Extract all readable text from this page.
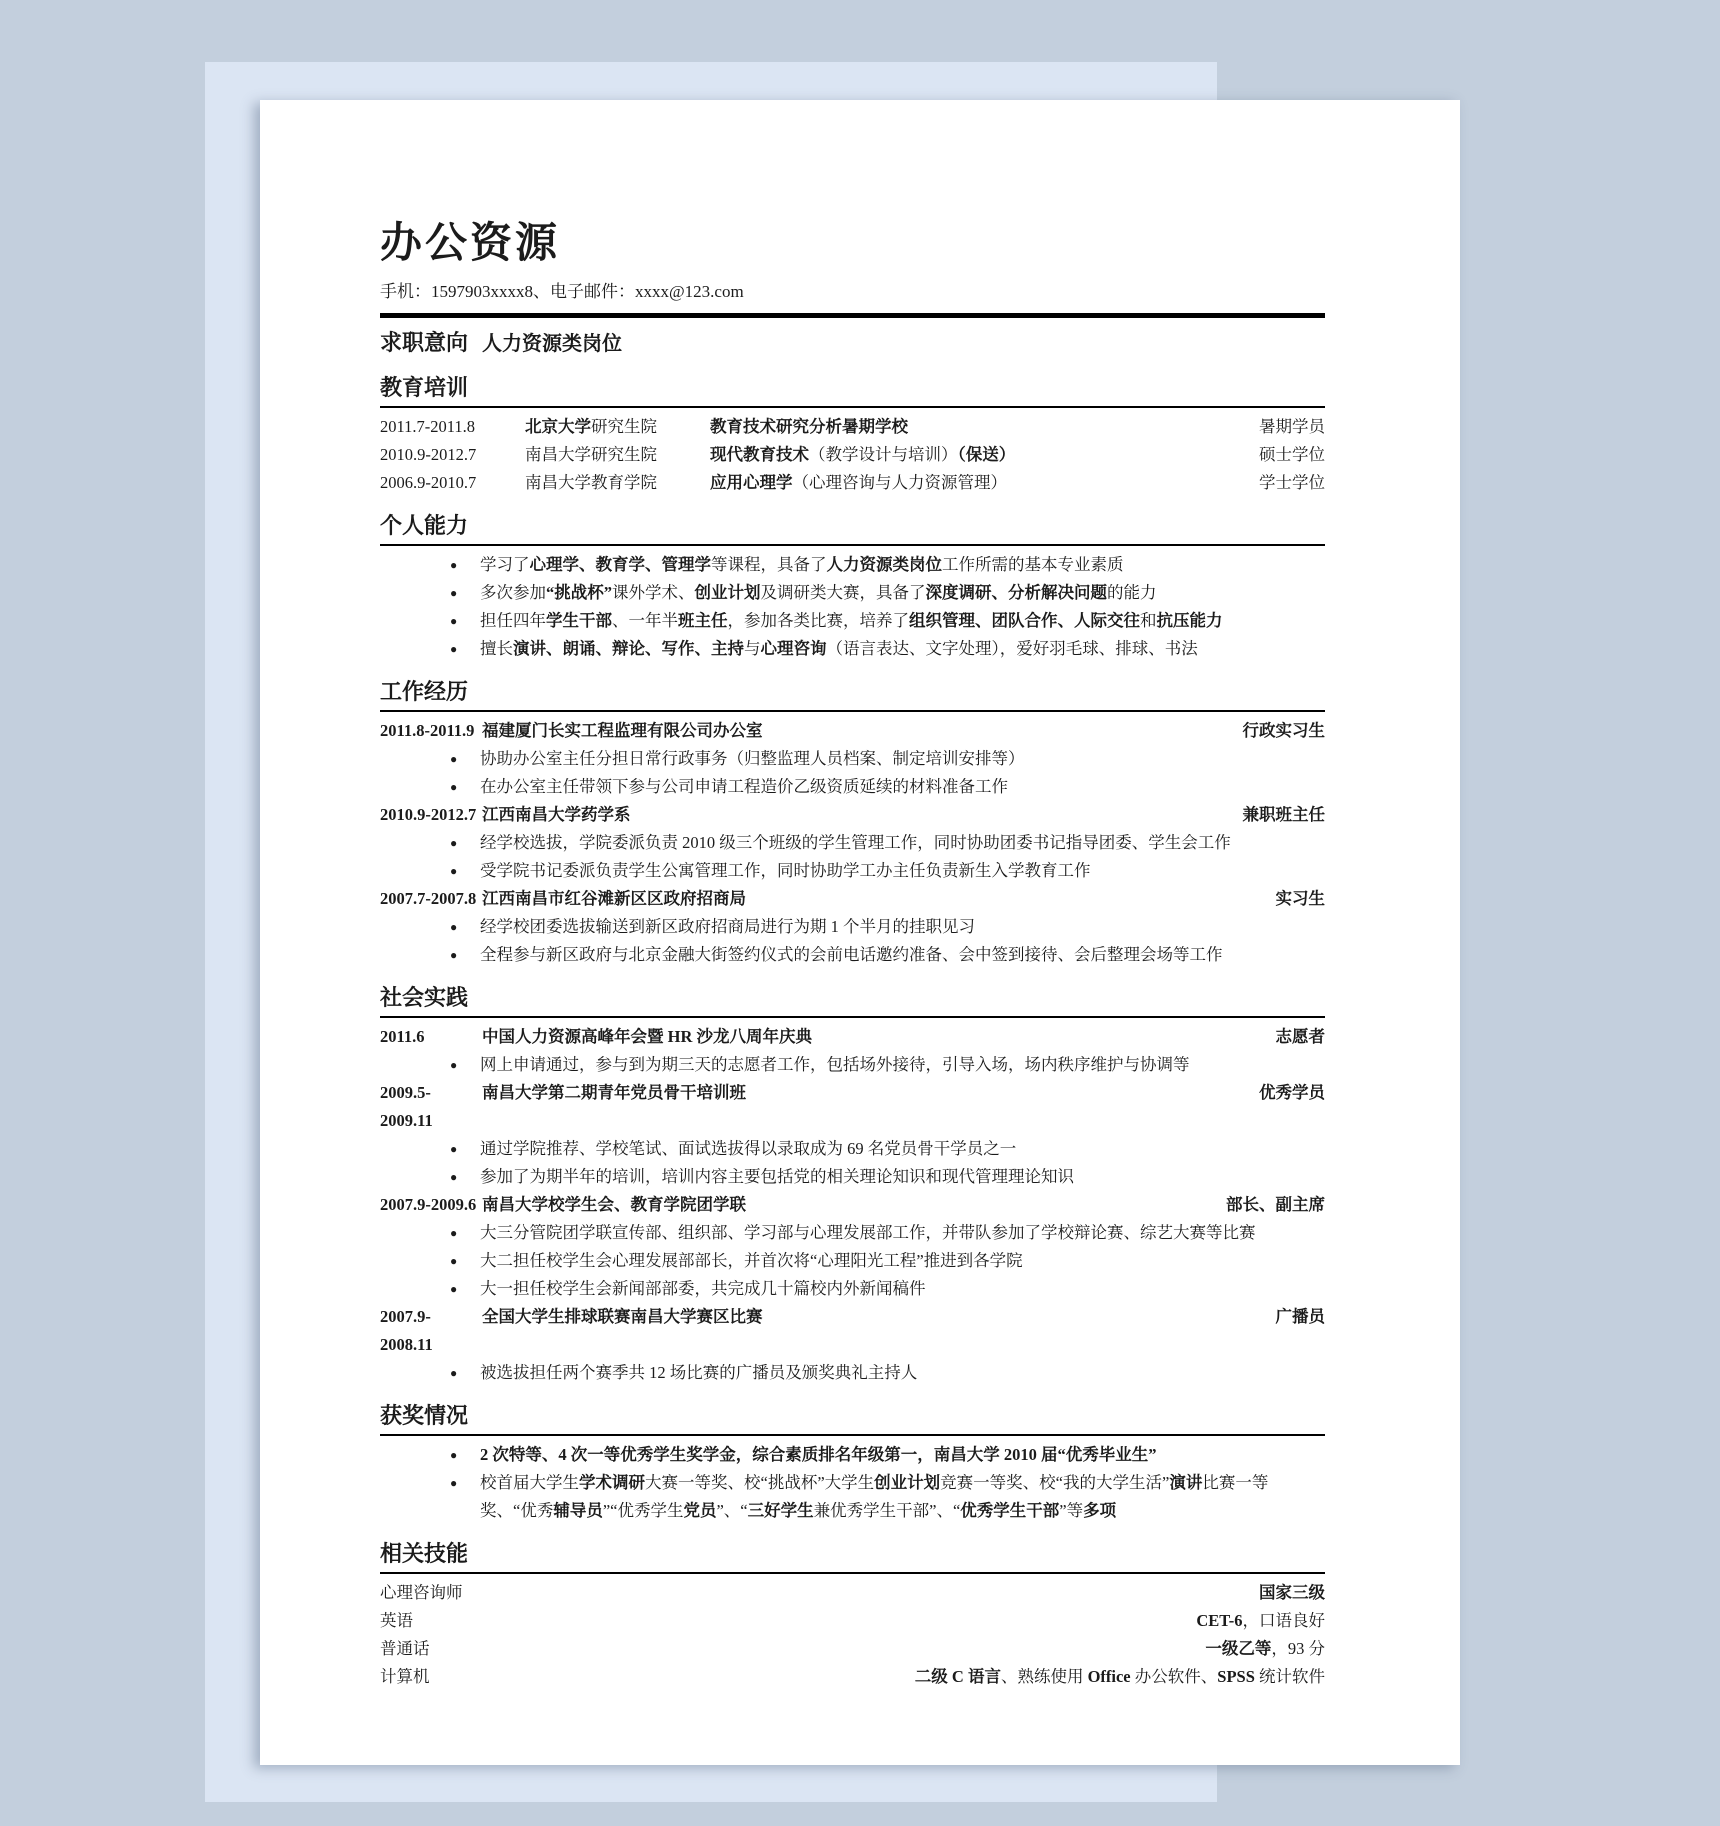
办公资源

手机：1597903xxxx8、电子邮件：xxxx@123.com

求职意向 人力资源类岗位
教育培训
2011.7-2011.8	北京大学研究生院	教育技术研究分析暑期学校	暑期学员
2010.9-2012.7	南昌大学研究生院	现代教育技术（教学设计与培训）（保送）	硕士学位
2006.9-2010.7	南昌大学教育学院	应用心理学（心理咨询与人力资源管理）	学士学位
个人能力
●	学习了心理学、教育学、管理学等课程，具备了人力资源类岗位工作所需的基本专业素质
●	多次参加“挑战杯”课外学术、创业计划及调研类大赛，具备了深度调研、分析解决问题的能力
●	担任四年学生干部、一年半班主任，参加各类比赛，培养了组织管理、团队合作、人际交往和抗压能力
●	擅长演讲、朗诵、辩论、写作、主持与心理咨询（语言表达、文字处理），爱好羽毛球、排球、书法
工作经历
2011.8-2011.9 福建厦门长实工程监理有限公司办公室	行政实习生
●	协助办公室主任分担日常行政事务（归整监理人员档案、制定培训安排等）
●	在办公室主任带领下参与公司申请工程造价乙级资质延续的材料准备工作
2010.9-2012.7 江西南昌大学药学系	兼职班主任
●	经学校选拔，学院委派负责 2010 级三个班级的学生管理工作，同时协助团委书记指导团委、学生会工作
●	受学院书记委派负责学生公寓管理工作，同时协助学工办主任负责新生入学教育工作
2007.7-2007.8 江西南昌市红谷滩新区区政府招商局	实习生
●	经学校团委选拔输送到新区政府招商局进行为期 1 个半月的挂职见习
●	全程参与新区政府与北京金融大街签约仪式的会前电话邀约准备、会中签到接待、会后整理会场等工作
社会实践
2011.6	中国人力资源高峰年会暨 HR 沙龙八周年庆典	志愿者
●	网上申请通过，参与到为期三天的志愿者工作，包括场外接待，引导入场，场内秩序维护与协调等
2009.5-2009.11
南昌大学第二期青年党员骨干培训班	优秀学员
●	通过学院推荐、学校笔试、面试选拔得以录取成为 69 名党员骨干学员之一
●	参加了为期半年的培训，培训内容主要包括党的相关理论知识和现代管理理论知识
2007.9-2009.6 南昌大学校学生会、教育学院团学联	部长、副主席
●	大三分管院团学联宣传部、组织部、学习部与心理发展部工作，并带队参加了学校辩论赛、综艺大赛等比赛
●	大二担任校学生会心理发展部部长，并首次将“心理阳光工程”推进到各学院
●	大一担任校学生会新闻部部委，共完成几十篇校内外新闻稿件
2007.9-2008.11
全国大学生排球联赛南昌大学赛区比赛	广播员
●	被选拔担任两个赛季共 12 场比赛的广播员及颁奖典礼主持人
获奖情况
●	2 次特等、4 次一等优秀学生奖学金，综合素质排名年级第一，南昌大学 2010 届“优秀毕业生”
●	校首届大学生学术调研大赛一等奖、校“挑战杯”大学生创业计划竞赛一等奖、校“我的大学生活”演讲比赛一等奖、“优秀辅导员”“优秀学生党员”、“三好学生兼优秀学生干部”、“优秀学生干部”等多项
相关技能
心理咨询师	国家三级
英语	CET-6，口语良好
普通话	一级乙等，93 分
计算机	二级 C 语言、熟练使用 Office 办公软件、SPSS 统计软件
